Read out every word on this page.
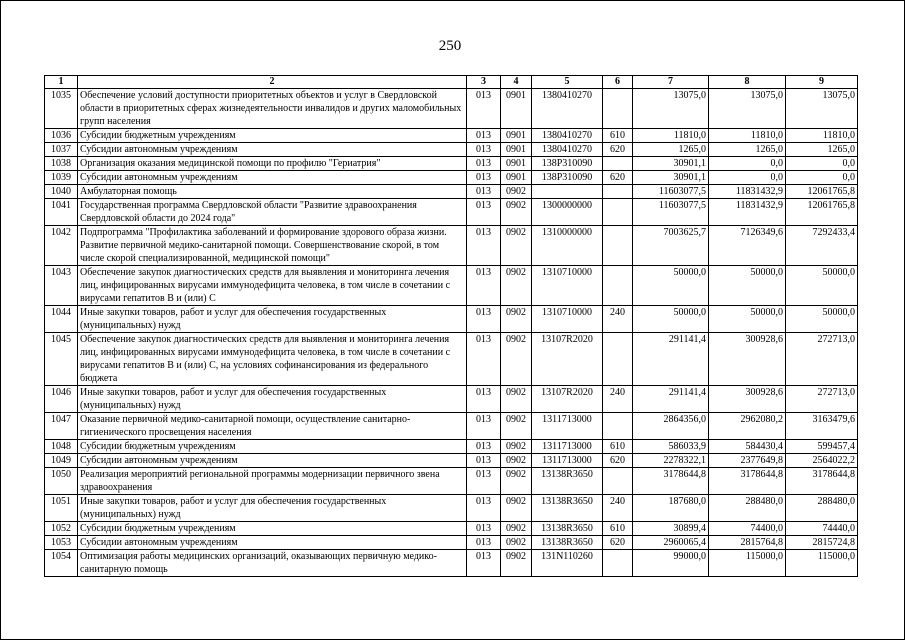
250
1	2	3	4	5	6	7	8	9
1035	Обеспечение условий доступности приоритетных объектов и услуг в Свердловской области в приоритетных сферах жизнедеятельности инвалидов и других маломобильных групп населения	013	0901	1380410270		13075,0	13075,0	13075,0
1036	Субсидии бюджетным учреждениям	013	0901	1380410270	610	11810,0	11810,0	11810,0
1037	Субсидии автономным учреждениям	013	0901	1380410270	620	1265,0	1265,0	1265,0
1038	Организация оказания медицинской помощи по профилю "Гериатрия"	013	0901	138P310090		30901,1	0,0	0,0
1039	Субсидии автономным учреждениям	013	0901	138P310090	620	30901,1	0,0	0,0
1040	Амбулаторная помощь	013	0902			11603077,5	11831432,9	12061765,8
1041	Государственная программа Свердловской области "Развитие здравоохранения Свердловской области до 2024 года"	013	0902	1300000000		11603077,5	11831432,9	12061765,8
1042	Подпрограмма "Профилактика заболеваний и формирование здорового образа жизни. Развитие первичной медико-санитарной помощи. Совершенствование скорой, в том числе скорой специализированной, медицинской помощи"	013	0902	1310000000		7003625,7	7126349,6	7292433,4
1043	Обеспечение закупок диагностических средств для выявления и мониторинга лечения лиц, инфицированных вирусами иммунодефицита человека, в том числе в сочетании с вирусами гепатитов В и (или) С	013	0902	1310710000		50000,0	50000,0	50000,0
1044	Иные закупки товаров, работ и услуг для обеспечения государственных (муниципальных) нужд	013	0902	1310710000	240	50000,0	50000,0	50000,0
1045	Обеспечение закупок диагностических средств для выявления и мониторинга лечения лиц, инфицированных вирусами иммунодефицита человека, в том числе в сочетании с вирусами гепатитов В и (или) С, на условиях софинансирования из федерального бюджета	013	0902	13107R2020		291141,4	300928,6	272713,0
1046	Иные закупки товаров, работ и услуг для обеспечения государственных (муниципальных) нужд	013	0902	13107R2020	240	291141,4	300928,6	272713,0
1047	Оказание первичной медико-санитарной помощи, осуществление санитарно-гигиенического просвещения населения	013	0902	1311713000		2864356,0	2962080,2	3163479,6
1048	Субсидии бюджетным учреждениям	013	0902	1311713000	610	586033,9	584430,4	599457,4
1049	Субсидии автономным учреждениям	013	0902	1311713000	620	2278322,1	2377649,8	2564022,2
1050	Реализация мероприятий региональной программы модернизации первичного звена здравоохранения	013	0902	13138R3650		3178644,8	3178644,8	3178644,8
1051	Иные закупки товаров, работ и услуг для обеспечения государственных (муниципальных) нужд	013	0902	13138R3650	240	187680,0	288480,0	288480,0
1052	Субсидии бюджетным учреждениям	013	0902	13138R3650	610	30899,4	74400,0	74440,0
1053	Субсидии автономным учреждениям	013	0902	13138R3650	620	2960065,4	2815764,8	2815724,8
1054	Оптимизация работы медицинских организаций, оказывающих первичную медико-санитарную помощь	013	0902	131N110260		99000,0	115000,0	115000,0
